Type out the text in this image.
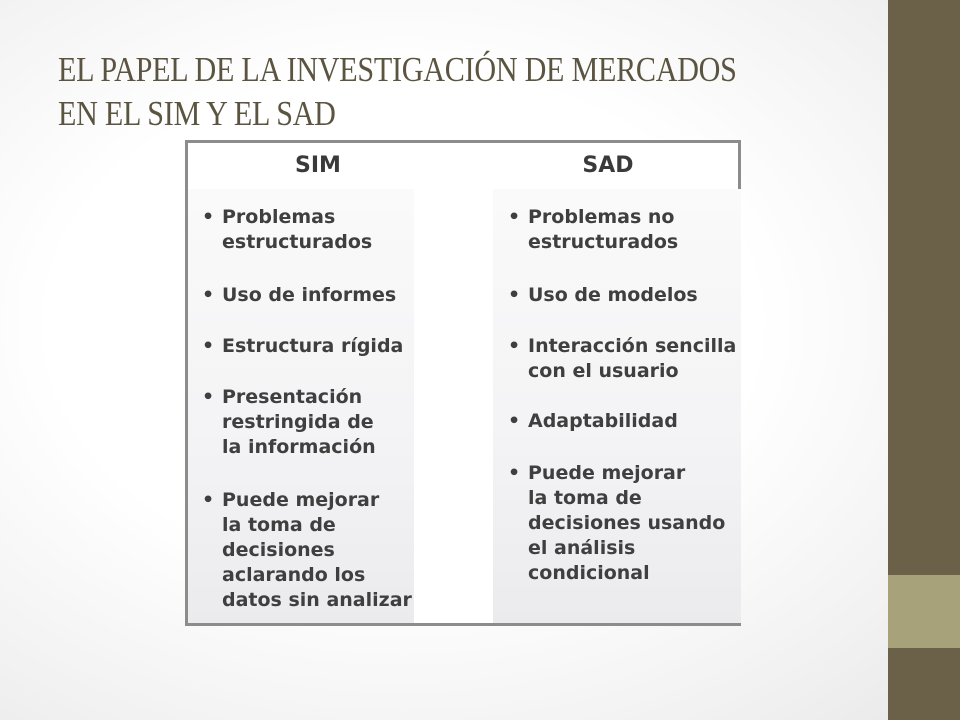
EL PAPEL DE LA INVESTIGACIÓN DE MERCADOS
EN EL SIM Y EL SAD
SIM	SAD
• Problemas
estructurados
• Uso de informes
• Estructura rígida
• Presentación
restringida de
la información
• Puede mejorar
la toma de
decisiones
aclarando los
datos sin analizar
• Problemas no
estructurados
• Uso de modelos
• Interacción sencilla
con el usuario
• Adaptabilidad
• Puede mejorar
la toma de
decisiones usando
el análisis
condicional
